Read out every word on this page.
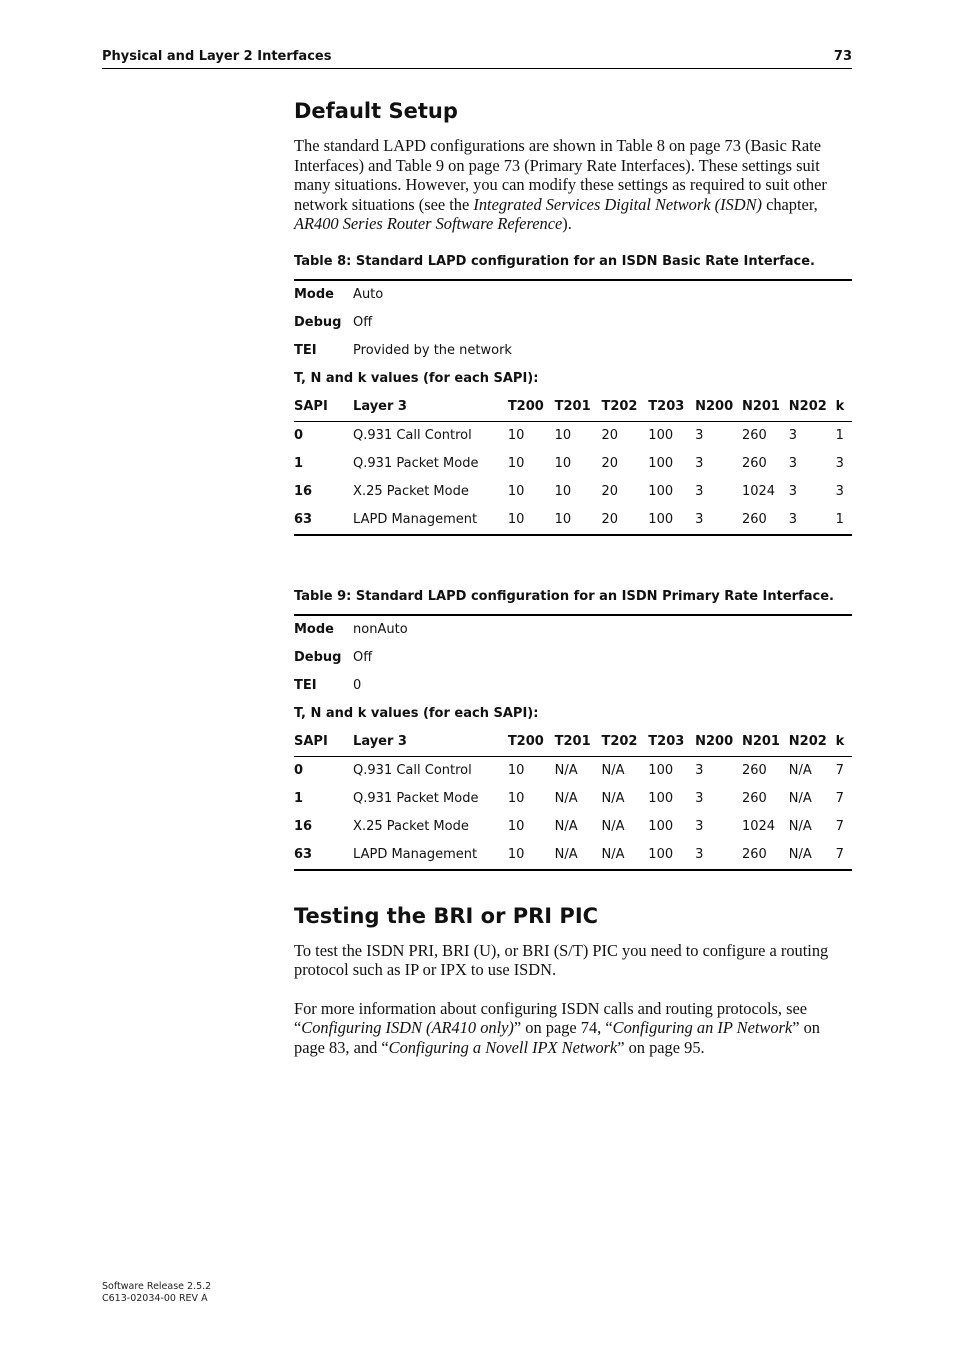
Physical and Layer 2 Interfaces	73
Default Setup

The standard LAPD configurations are shown in Table 8 on page 73 (Basic Rate Interfaces) and Table 9 on page 73 (Primary Rate Interfaces). These settings suit many situations. However, you can modify these settings as required to suit other network situations (see the Integrated Services Digital Network (ISDN) chapter, AR400 Series Router Software Reference).

Table 8: Standard LAPD configuration for an ISDN Basic Rate Interface.

Mode	Auto								
Debug	Off								
TEI	Provided by the network								
T, N and k values (for each SAPI):									
SAPI	Layer 3	T200	T201	T202	T203	N200	N201	N202	k
0	Q.931 Call Control	10	10	20	100	3	260	3	1
1	Q.931 Packet Mode	10	10	20	100	3	260	3	3
16	X.25 Packet Mode	10	10	20	100	3	1024	3	3
63	LAPD Management	10	10	20	100	3	260	3	1

Table 9: Standard LAPD configuration for an ISDN Primary Rate Interface.

Mode	nonAuto								
Debug	Off								
TEI	0								
T, N and k values (for each SAPI):									
SAPI	Layer 3	T200	T201	T202	T203	N200	N201	N202	k
0	Q.931 Call Control	10	N/A	N/A	100	3	260	N/A	7
1	Q.931 Packet Mode	10	N/A	N/A	100	3	260	N/A	7
16	X.25 Packet Mode	10	N/A	N/A	100	3	1024	N/A	7
63	LAPD Management	10	N/A	N/A	100	3	260	N/A	7
Testing the BRI or PRI PIC

To test the ISDN PRI, BRI (U), or BRI (S/T) PIC you need to configure a routing protocol such as IP or IPX to use ISDN.

For more information about configuring ISDN calls and routing protocols, see “Configuring ISDN (AR410 only)” on page 74, “Configuring an IP Network” on page 83, and “Configuring a Novell IPX Network” on page 95.

Software Release 2.5.2
C613-02034-00 REV A
